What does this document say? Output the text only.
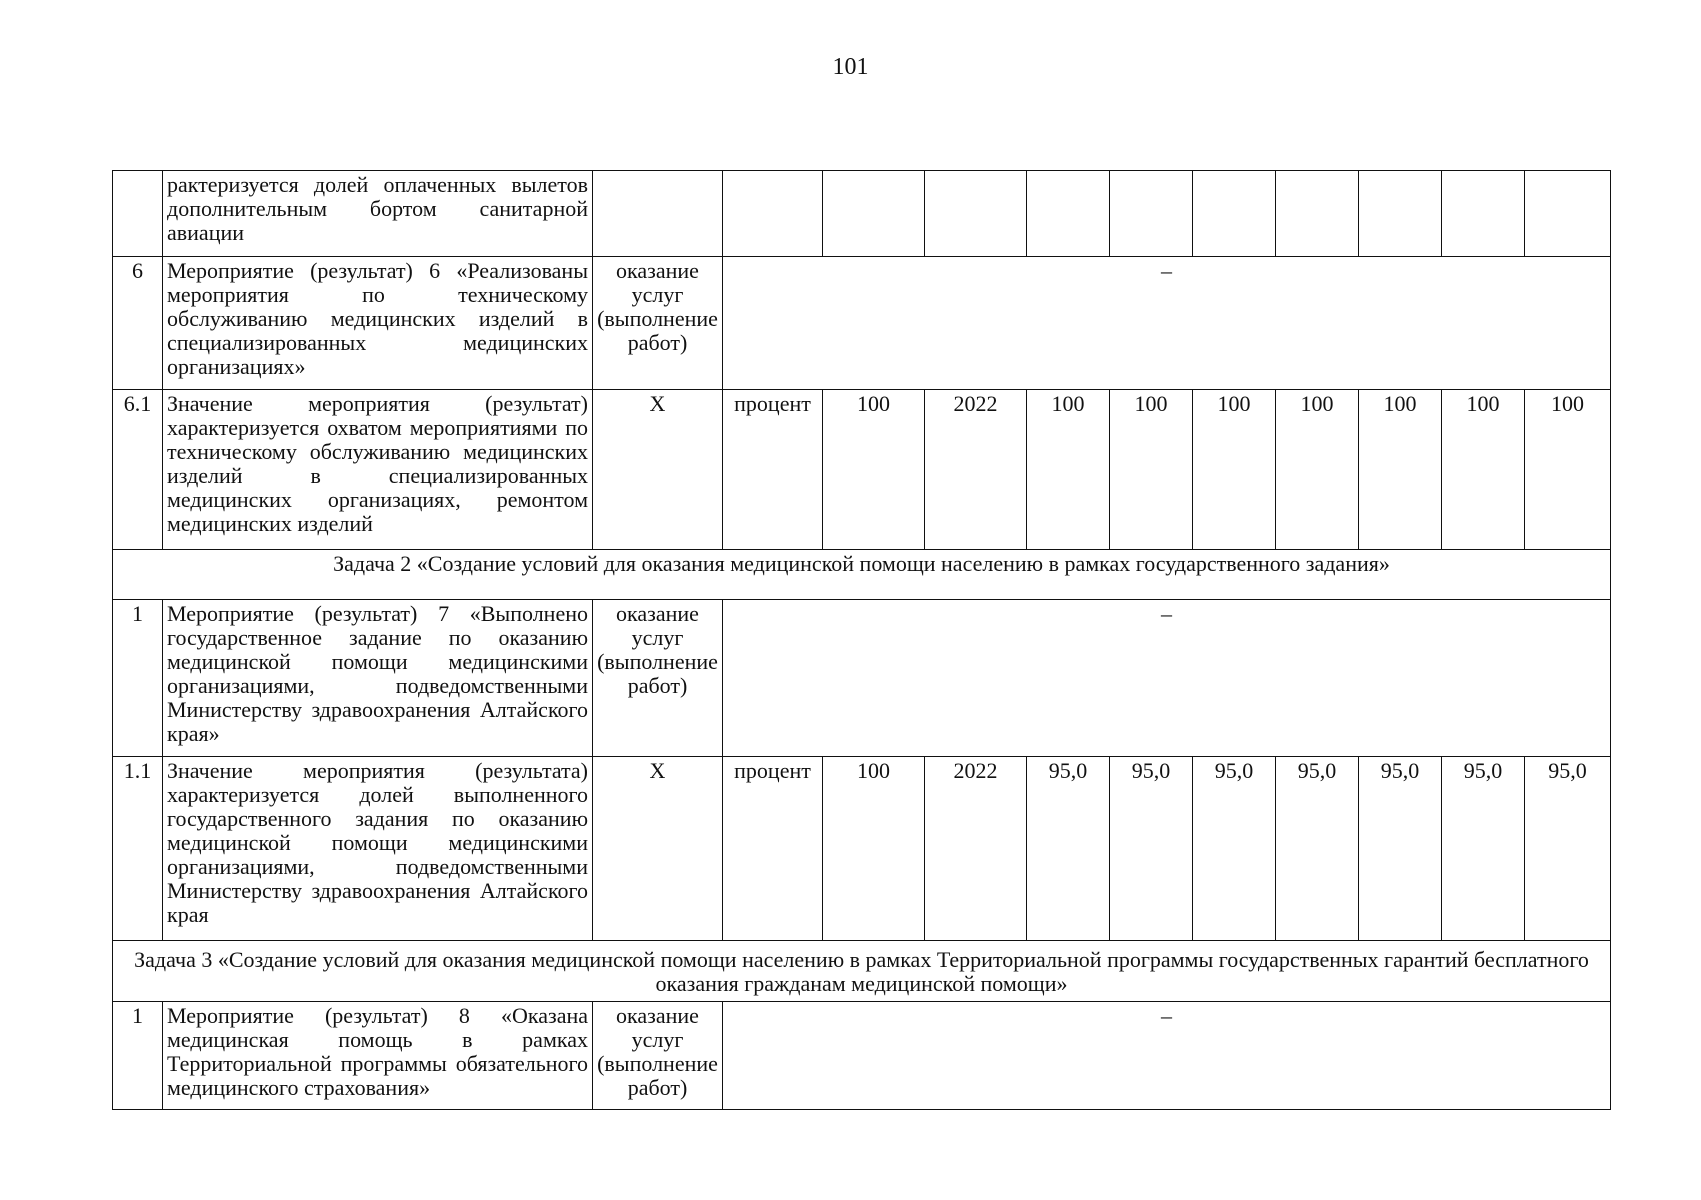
101
	рактеризуется долей оплаченных вылетов дополнительным бортом санитарной авиации											
6	Мероприятие (результат) 6 «Реализованы мероприятия по техническому обслуживанию медицинских изделий в специализированных медицинских организациях»	оказание услуг (выполнение работ)	–									
6.1	Значение мероприятия (результат) характеризуется охватом мероприятиями по техническому обслуживанию медицинских изделий в специализированных медицинских организациях, ремонтом медицинских изделий	X	процент	100	2022	100	100	100	100	100	100	100
Задача 2 «Создание условий для оказания медицинской помощи населению в рамках государственного задания»												
1	Мероприятие (результат) 7 «Выполнено государственное задание по оказанию медицинской помощи медицинскими организациями, подведомственными Министерству здравоохранения Алтайского края»	оказание услуг (выполнение работ)	–									
1.1	Значение мероприятия (результата) характеризуется долей выполненного государственного задания по оказанию медицинской помощи медицинскими организациями, подведомственными Министерству здравоохранения Алтайского края	X	процент	100	2022	95,0	95,0	95,0	95,0	95,0	95,0	95,0
Задача 3 «Создание условий для оказания медицинской помощи населению в рамках Территориальной программы государственных гарантий бесплатного оказания гражданам медицинской помощи»												
1	Мероприятие (результат) 8 «Оказана медицинская помощь в рамках Территориальной программы обязательного медицинского страхования»	оказание услуг (выполнение работ)	–									
